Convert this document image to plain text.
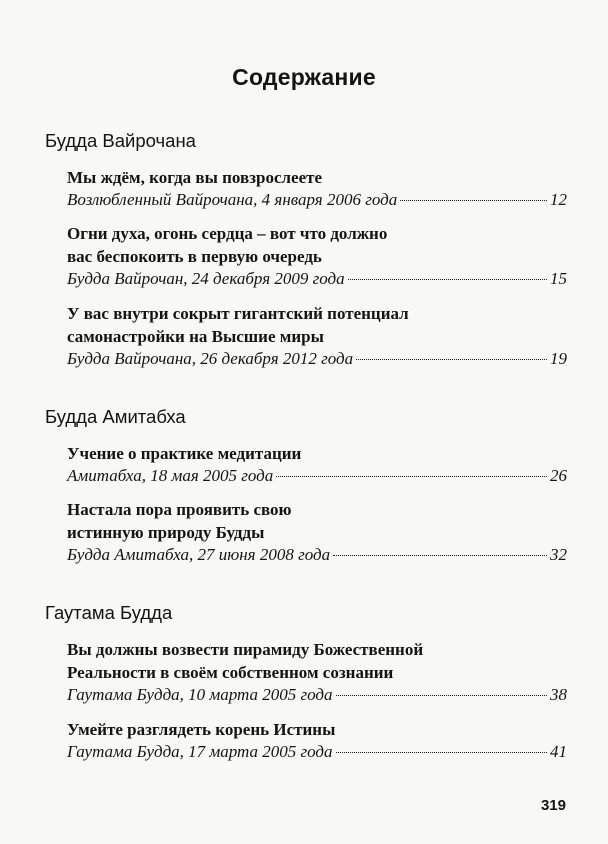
Содержание
Будда Вайрочана
Мы ждём, когда вы повзрослеете
Возлюбленный Вайрочана, 4 января 2006 года	12
Огни духа, огонь сердца – вот что должно
вас беспокоить в первую очередь
Будда Вайрочан, 24 декабря 2009 года	15
У вас внутри сокрыт гигантский потенциал
самонастройки на Высшие миры
Будда Вайрочана, 26 декабря 2012 года	19
Будда Амитабха
Учение о практике медитации
Амитабха, 18 мая 2005 года	26
Настала пора проявить свою
истинную природу Будды
Будда Амитабха, 27 июня 2008 года	32
Гаутама Будда
Вы должны возвести пирамиду Божественной
Реальности в своём собственном сознании
Гаутама Будда, 10 марта 2005 года	38
Умейте разглядеть корень Истины
Гаутама Будда, 17 марта 2005 года	41
319
